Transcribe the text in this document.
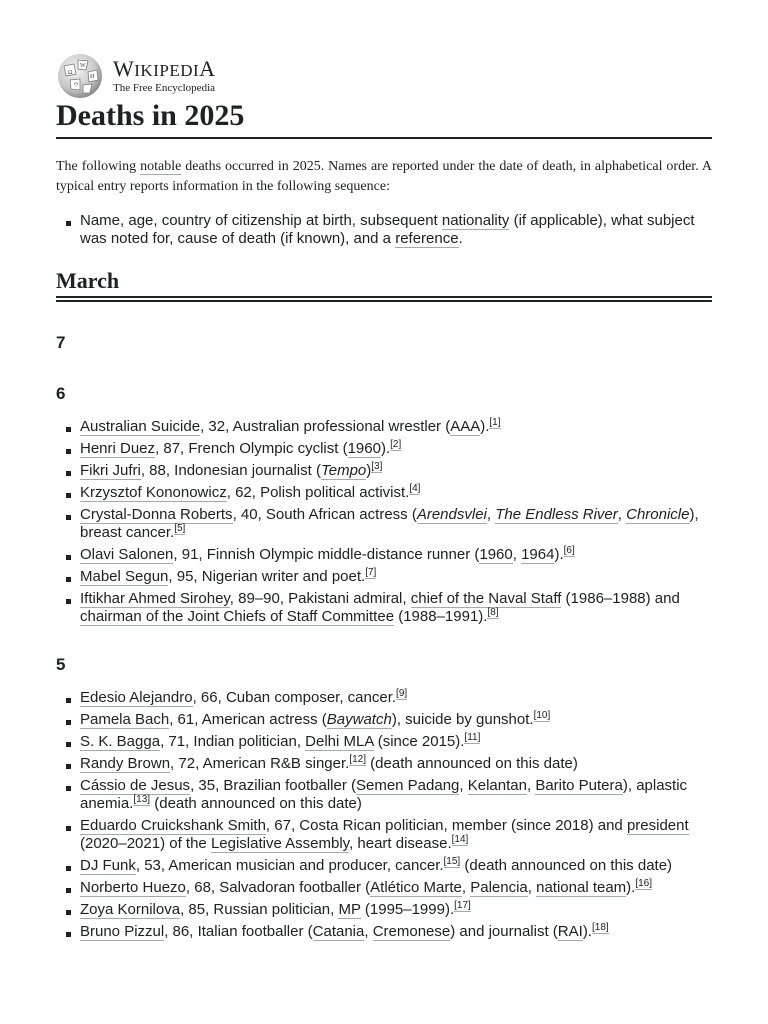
Ω
W
И
ウ
WIKIPEDIA
The Free Encyclopedia
Deaths in 2025

The following notable deaths occurred in 2025. Names are reported under the date of death, in alphabetical order. A typical entry reports information in the following sequence:

Name, age, country of citizenship at birth, subsequent nationality (if applicable), what subject was noted for, cause of death (if known), and a reference.
March
7
6
Australian Suicide, 32, Australian professional wrestler (AAA).[1]
Henri Duez, 87, French Olympic cyclist (1960).[2]
Fikri Jufri, 88, Indonesian journalist (Tempo)[3]
Krzysztof Kononowicz, 62, Polish political activist.[4]
Crystal-Donna Roberts, 40, South African actress (Arendsvlei, The Endless River, Chronicle), breast cancer.[5]
Olavi Salonen, 91, Finnish Olympic middle-distance runner (1960, 1964).[6]
Mabel Segun, 95, Nigerian writer and poet.[7]
Iftikhar Ahmed Sirohey, 89–90, Pakistani admiral, chief of the Naval Staff (1986–1988) and chairman of the Joint Chiefs of Staff Committee (1988–1991).[8]
5
Edesio Alejandro, 66, Cuban composer, cancer.[9]
Pamela Bach, 61, American actress (Baywatch), suicide by gunshot.[10]
S. K. Bagga, 71, Indian politician, Delhi MLA (since 2015).[11]
Randy Brown, 72, American R&B singer.[12] (death announced on this date)
Cássio de Jesus, 35, Brazilian footballer (Semen Padang, Kelantan, Barito Putera), aplastic anemia.[13] (death announced on this date)
Eduardo Cruickshank Smith, 67, Costa Rican politician, member (since 2018) and president (2020–2021) of the Legislative Assembly, heart disease.[14]
DJ Funk, 53, American musician and producer, cancer.[15] (death announced on this date)
Norberto Huezo, 68, Salvadoran footballer (Atlético Marte, Palencia, national team).[16]
Zoya Kornilova, 85, Russian politician, MP (1995–1999).[17]
Bruno Pizzul, 86, Italian footballer (Catania, Cremonese) and journalist (RAI).[18]
